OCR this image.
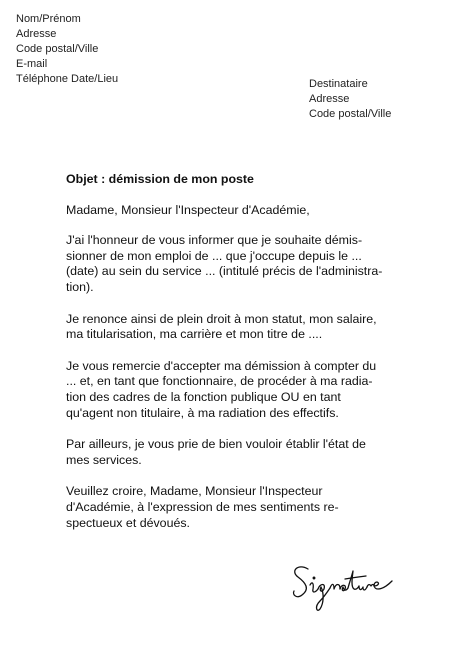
Nom/Prénom
Adresse
Code postal/Ville
E-mail
Téléphone Date/Lieu	Destinataire
Adresse
Code postal/Ville
Objet : démission de mon poste
Madame, Monsieur l'Inspecteur d'Académie,
J'ai l'honneur de vous informer que je souhaite démis-
sionner de mon emploi de ... que j'occupe depuis le ...
(date) au sein du service ... (intitulé précis de l'administra-
tion).
Je renonce ainsi de plein droit à mon statut, mon salaire,
ma titularisation, ma carrière et mon titre de ....
Je vous remercie d'accepter ma démission à compter du
... et, en tant que fonctionnaire, de procéder à ma radia-
tion des cadres de la fonction publique OU en tant
qu'agent non titulaire, à ma radiation des effectifs.
Par ailleurs, je vous prie de bien vouloir établir l'état de
mes services.
Veuillez croire, Madame, Monsieur l'Inspecteur
d'Académie, à l'expression de mes sentiments re-
spectueux et dévoués.
